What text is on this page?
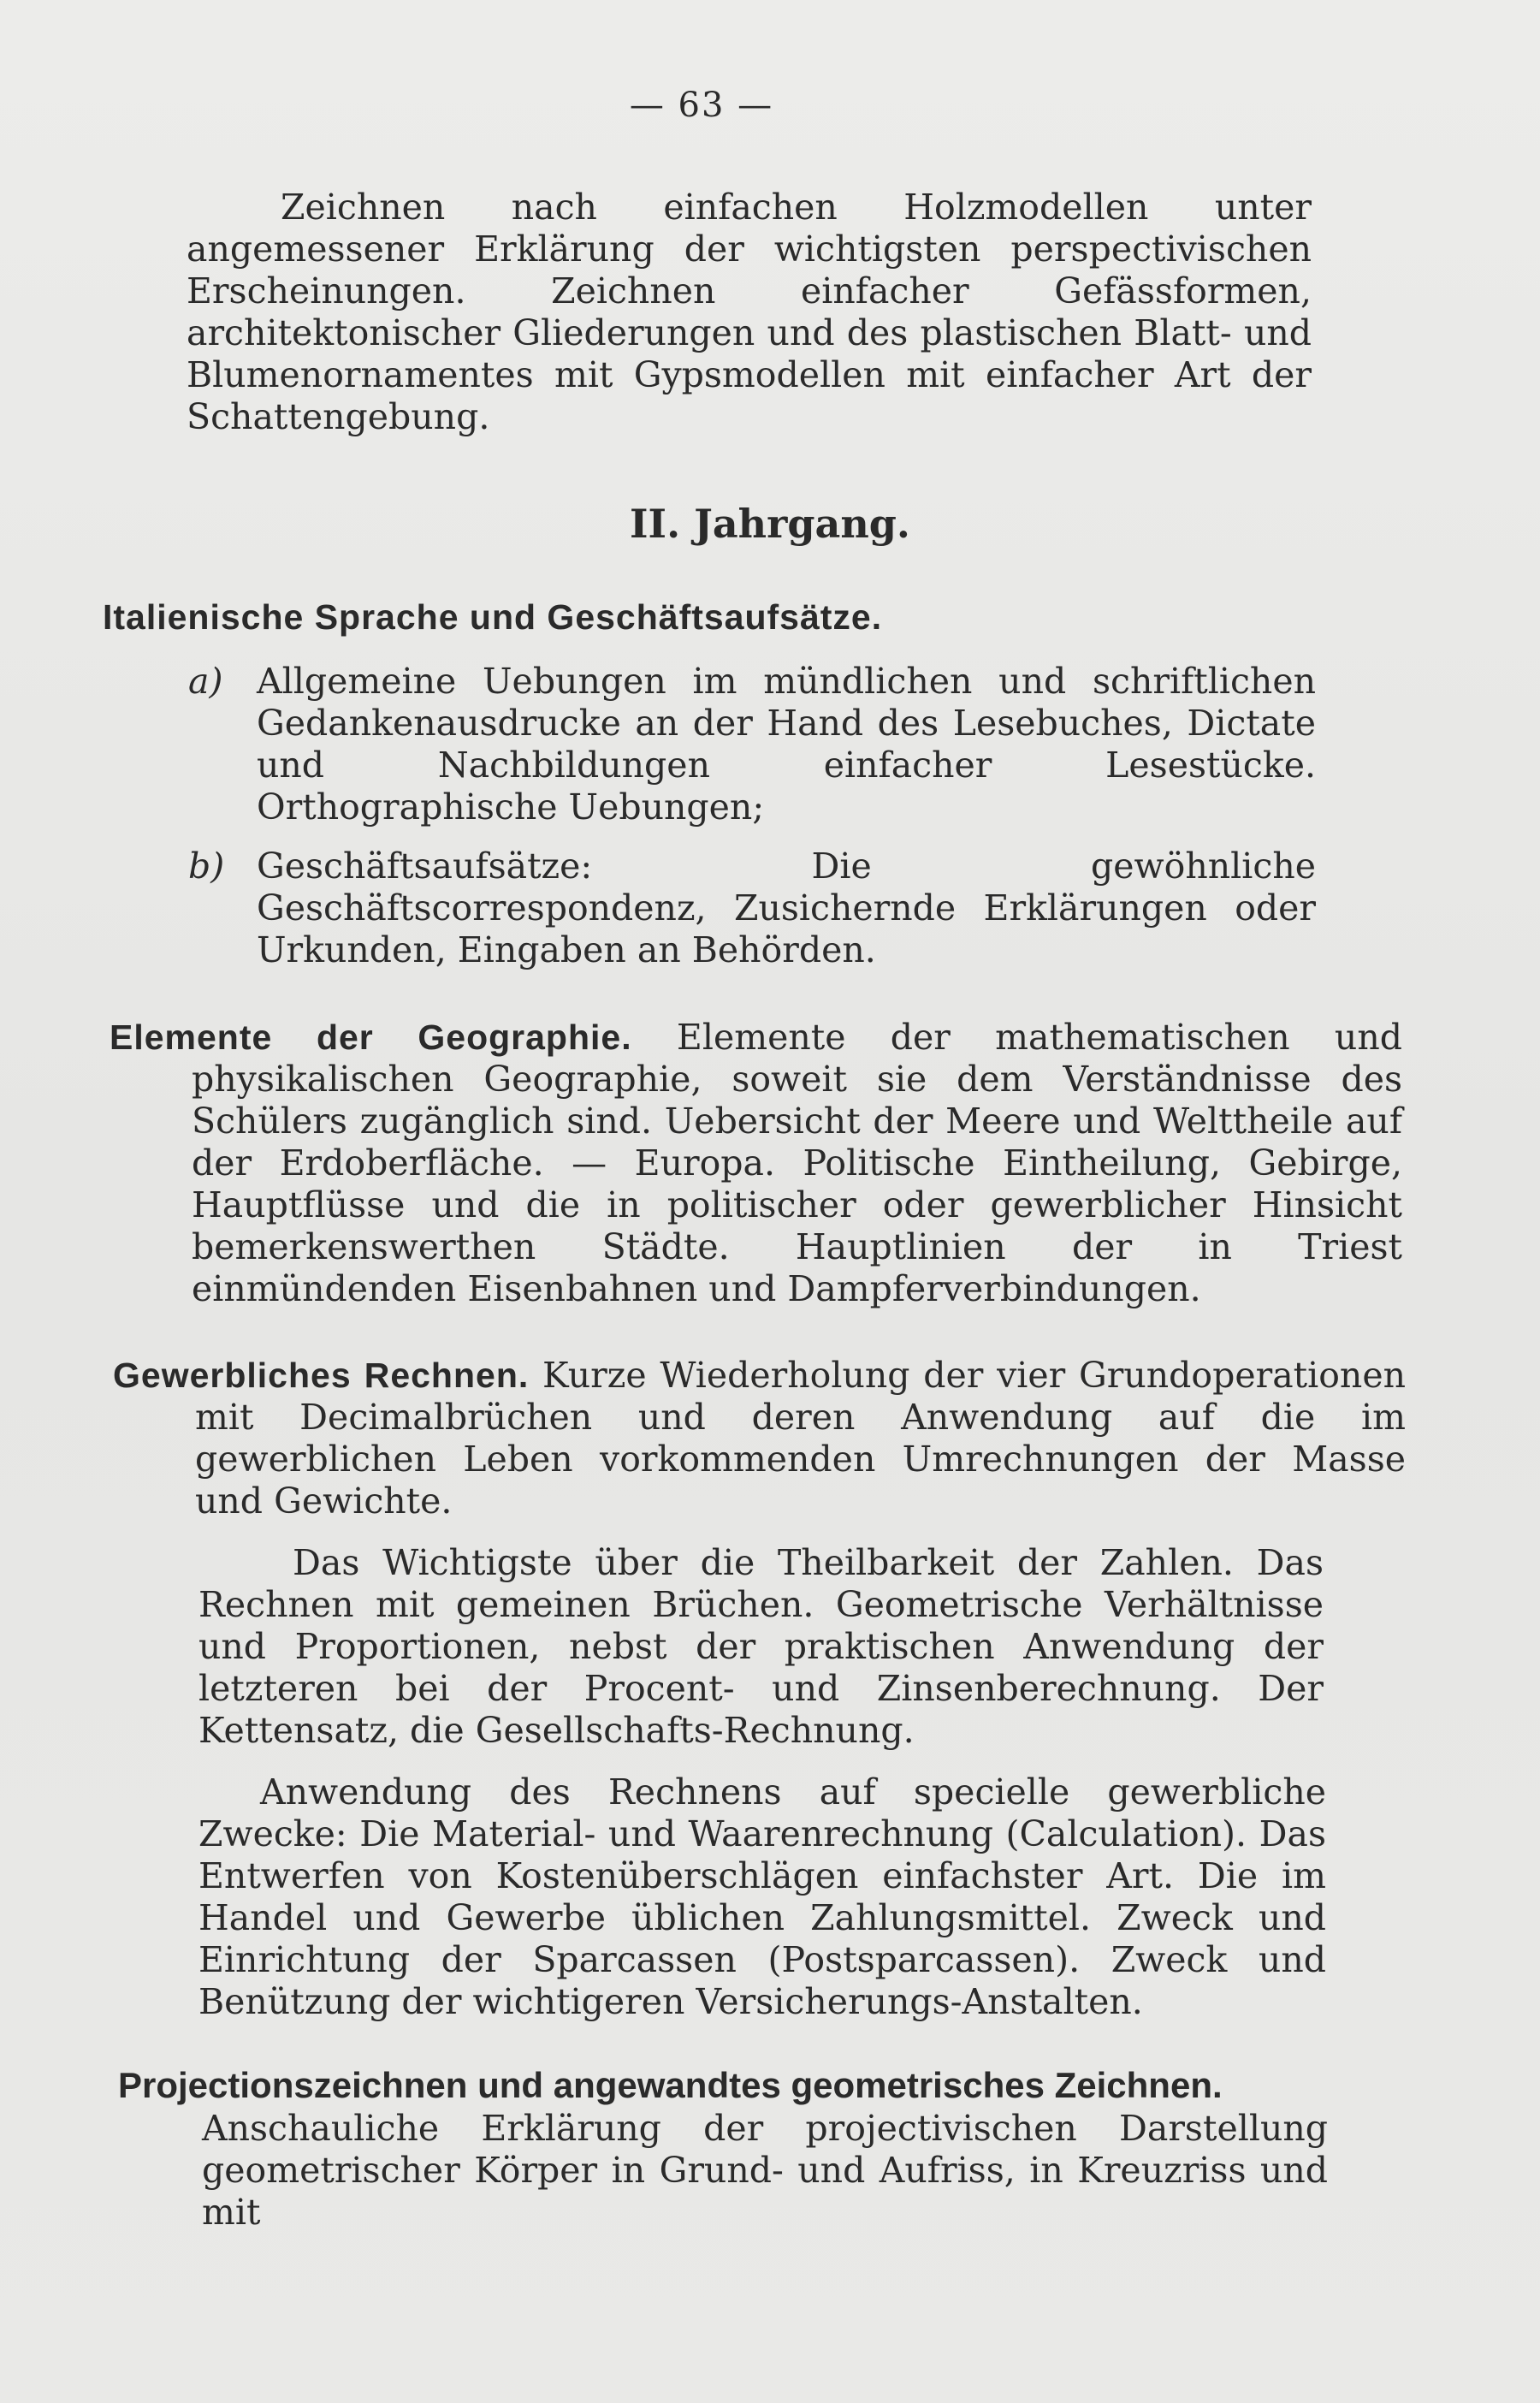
— 63 —
Zeichnen nach einfachen Holzmodellen unter angemessener Erklärung der wichtigsten perspectivischen Erscheinungen. Zeichnen einfacher Gefässformen, architektonischer Gliederungen und des plastischen Blatt- und Blumenornamentes mit Gypsmodellen mit einfacher Art der Schattengebung.
II. Jahrgang.
Italienische Sprache und Geschäftsaufsätze.
a) Allgemeine Uebungen im mündlichen und schriftlichen Gedankenausdrucke an der Hand des Lesebuches, Dictate und Nachbildungen einfacher Lesestücke. Orthographische Uebungen;
b) Geschäftsaufsätze: Die gewöhnliche Geschäftscorrespondenz, Zusichernde Erklärungen oder Urkunden, Eingaben an Behörden.
Elemente der Geographie. Elemente der mathematischen und physikalischen Geographie, soweit sie dem Verständnisse des Schülers zugänglich sind. Uebersicht der Meere und Welttheile auf der Erdoberfläche. — Europa. Politische Eintheilung, Gebirge, Hauptflüsse und die in politischer oder gewerblicher Hinsicht bemerkenswerthen Städte. Hauptlinien der in Triest einmündenden Eisenbahnen und Dampferverbindungen.
Gewerbliches Rechnen. Kurze Wiederholung der vier Grundoperationen mit Decimalbrüchen und deren Anwendung auf die im gewerblichen Leben vorkommenden Umrechnungen der Masse und Gewichte.
Das Wichtigste über die Theilbarkeit der Zahlen. Das Rechnen mit gemeinen Brüchen. Geometrische Verhältnisse und Proportionen, nebst der praktischen Anwendung der letzteren bei der Procent- und Zinsenberechnung. Der Kettensatz, die Gesellschafts-Rechnung.
Anwendung des Rechnens auf specielle gewerbliche Zwecke: Die Material- und Waarenrechnung (Calculation). Das Entwerfen von Kostenüberschlägen einfachster Art. Die im Handel und Gewerbe üblichen Zahlungsmittel. Zweck und Einrichtung der Sparcassen (Postsparcassen). Zweck und Benützung der wichtigeren Versicherungs-Anstalten.
Projectionszeichnen und angewandtes geometrisches Zeichnen.
Anschauliche Erklärung der projectivischen Darstellung geometrischer Körper in Grund- und Aufriss, in Kreuzriss und mit
